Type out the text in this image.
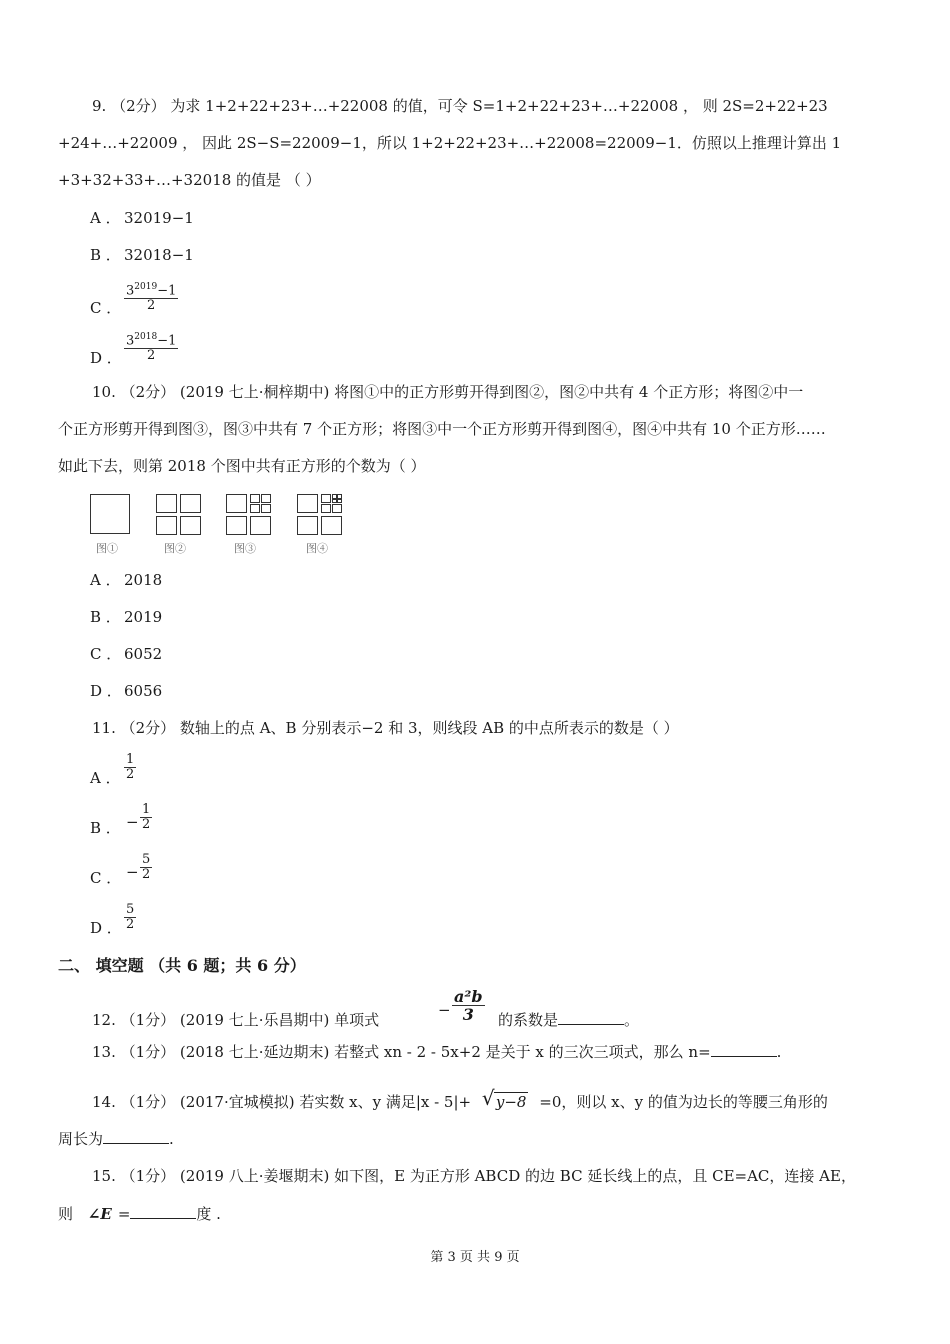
9. （2分） 为求 1+2+22+23+…+22008 的值，可令 S=1+2+22+23+…+22008 ， 则 2S=2+22+23
+24+…+22009 ， 因此 2S−S=22009−1，所以 1+2+22+23+…+22008=22009−1．仿照以上推理计算出 1
+3+32+33+…+32018 的值是 （ ）
A ． 32019−1
B ． 32018−1
C ． $\frac{3^{2019}-1}{2}$
D ． $\frac{3^{2018}-1}{2}$
10. （2分） (2019 七上·桐梓期中) 将图①中的正方形剪开得到图②，图②中共有 4 个正方形；将图②中一
个正方形剪开得到图③，图③中共有 7 个正方形；将图③中一个正方形剪开得到图④，图④中共有 10 个正方形……
如此下去，则第 2018 个图中共有正方形的个数为（ ）
图①	图②	图③	图④
A ． 2018
B ． 2019
C ． 6052
D ． 6056
11. （2分） 数轴上的点 A、B 分别表示−2 和 3，则线段 AB 的中点所表示的数是（ ）
A ． $\frac{1}{2}$
B ． − $\frac{1}{2}$
C ． − $\frac{5}{2}$
D ． $\frac{5}{2}$
二、 填空题 （共 6 题；共 6 分）
12. （1分） (2019 七上·乐昌期中) 单项式
− $\frac{\text{a²b}}{3}$ 的系数是	。
13. （1分） (2018 七上·延边期末) 若整式 xn - 2 - 5x+2 是关于 x 的三次三项式，那么 n=	.
14. （1分） (2017·宜城模拟) 若实数 x、y 满足|x - 5|+ √ y−8 =0，则以 x、y 的值为边长的等腰三角形的
周长为	.
15. （1分） (2019 八上·姜堰期末) 如下图，E 为正方形 ABCD 的边 BC 延长线上的点，且 CE=AC，连接 AE，
则 ∠E =	度 .
第 3 页 共 9 页
